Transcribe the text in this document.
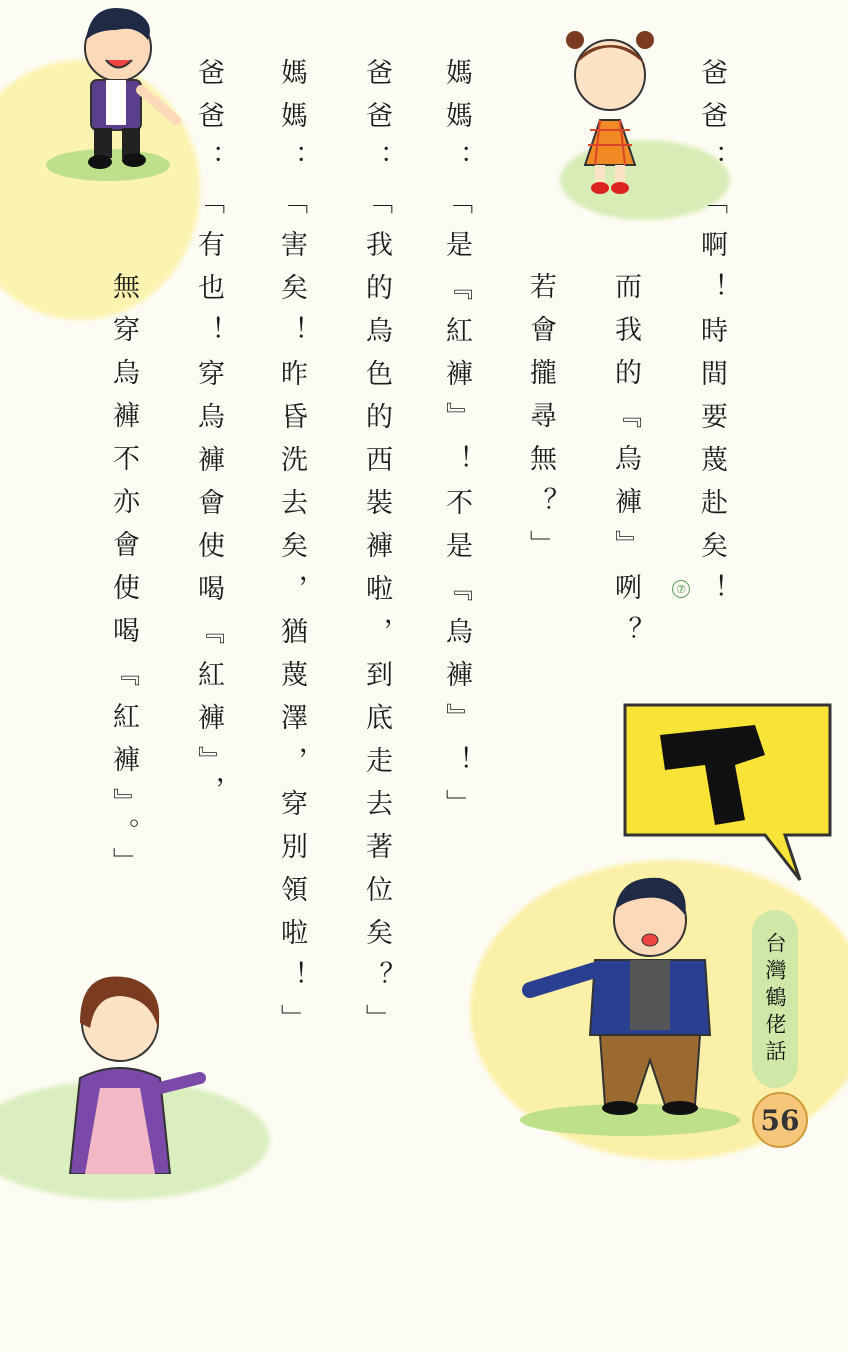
爸爸：「啊！時間要蔑赴矣！
而我的『烏褲』咧？
若會攏尋無？」
媽媽：「是『紅褲』！不是『烏褲』！」
爸爸：「我的烏色的西裝褲啦，到底走去著位矣？」
媽媽：「害矣！昨昏洗去矣，猶蔑澤，穿別領啦！」
爸爸：「有也！穿烏褲會使喝『紅褲』，
無穿烏褲不亦會使喝『紅褲』。」	⑦
台灣鶴佬話
56
